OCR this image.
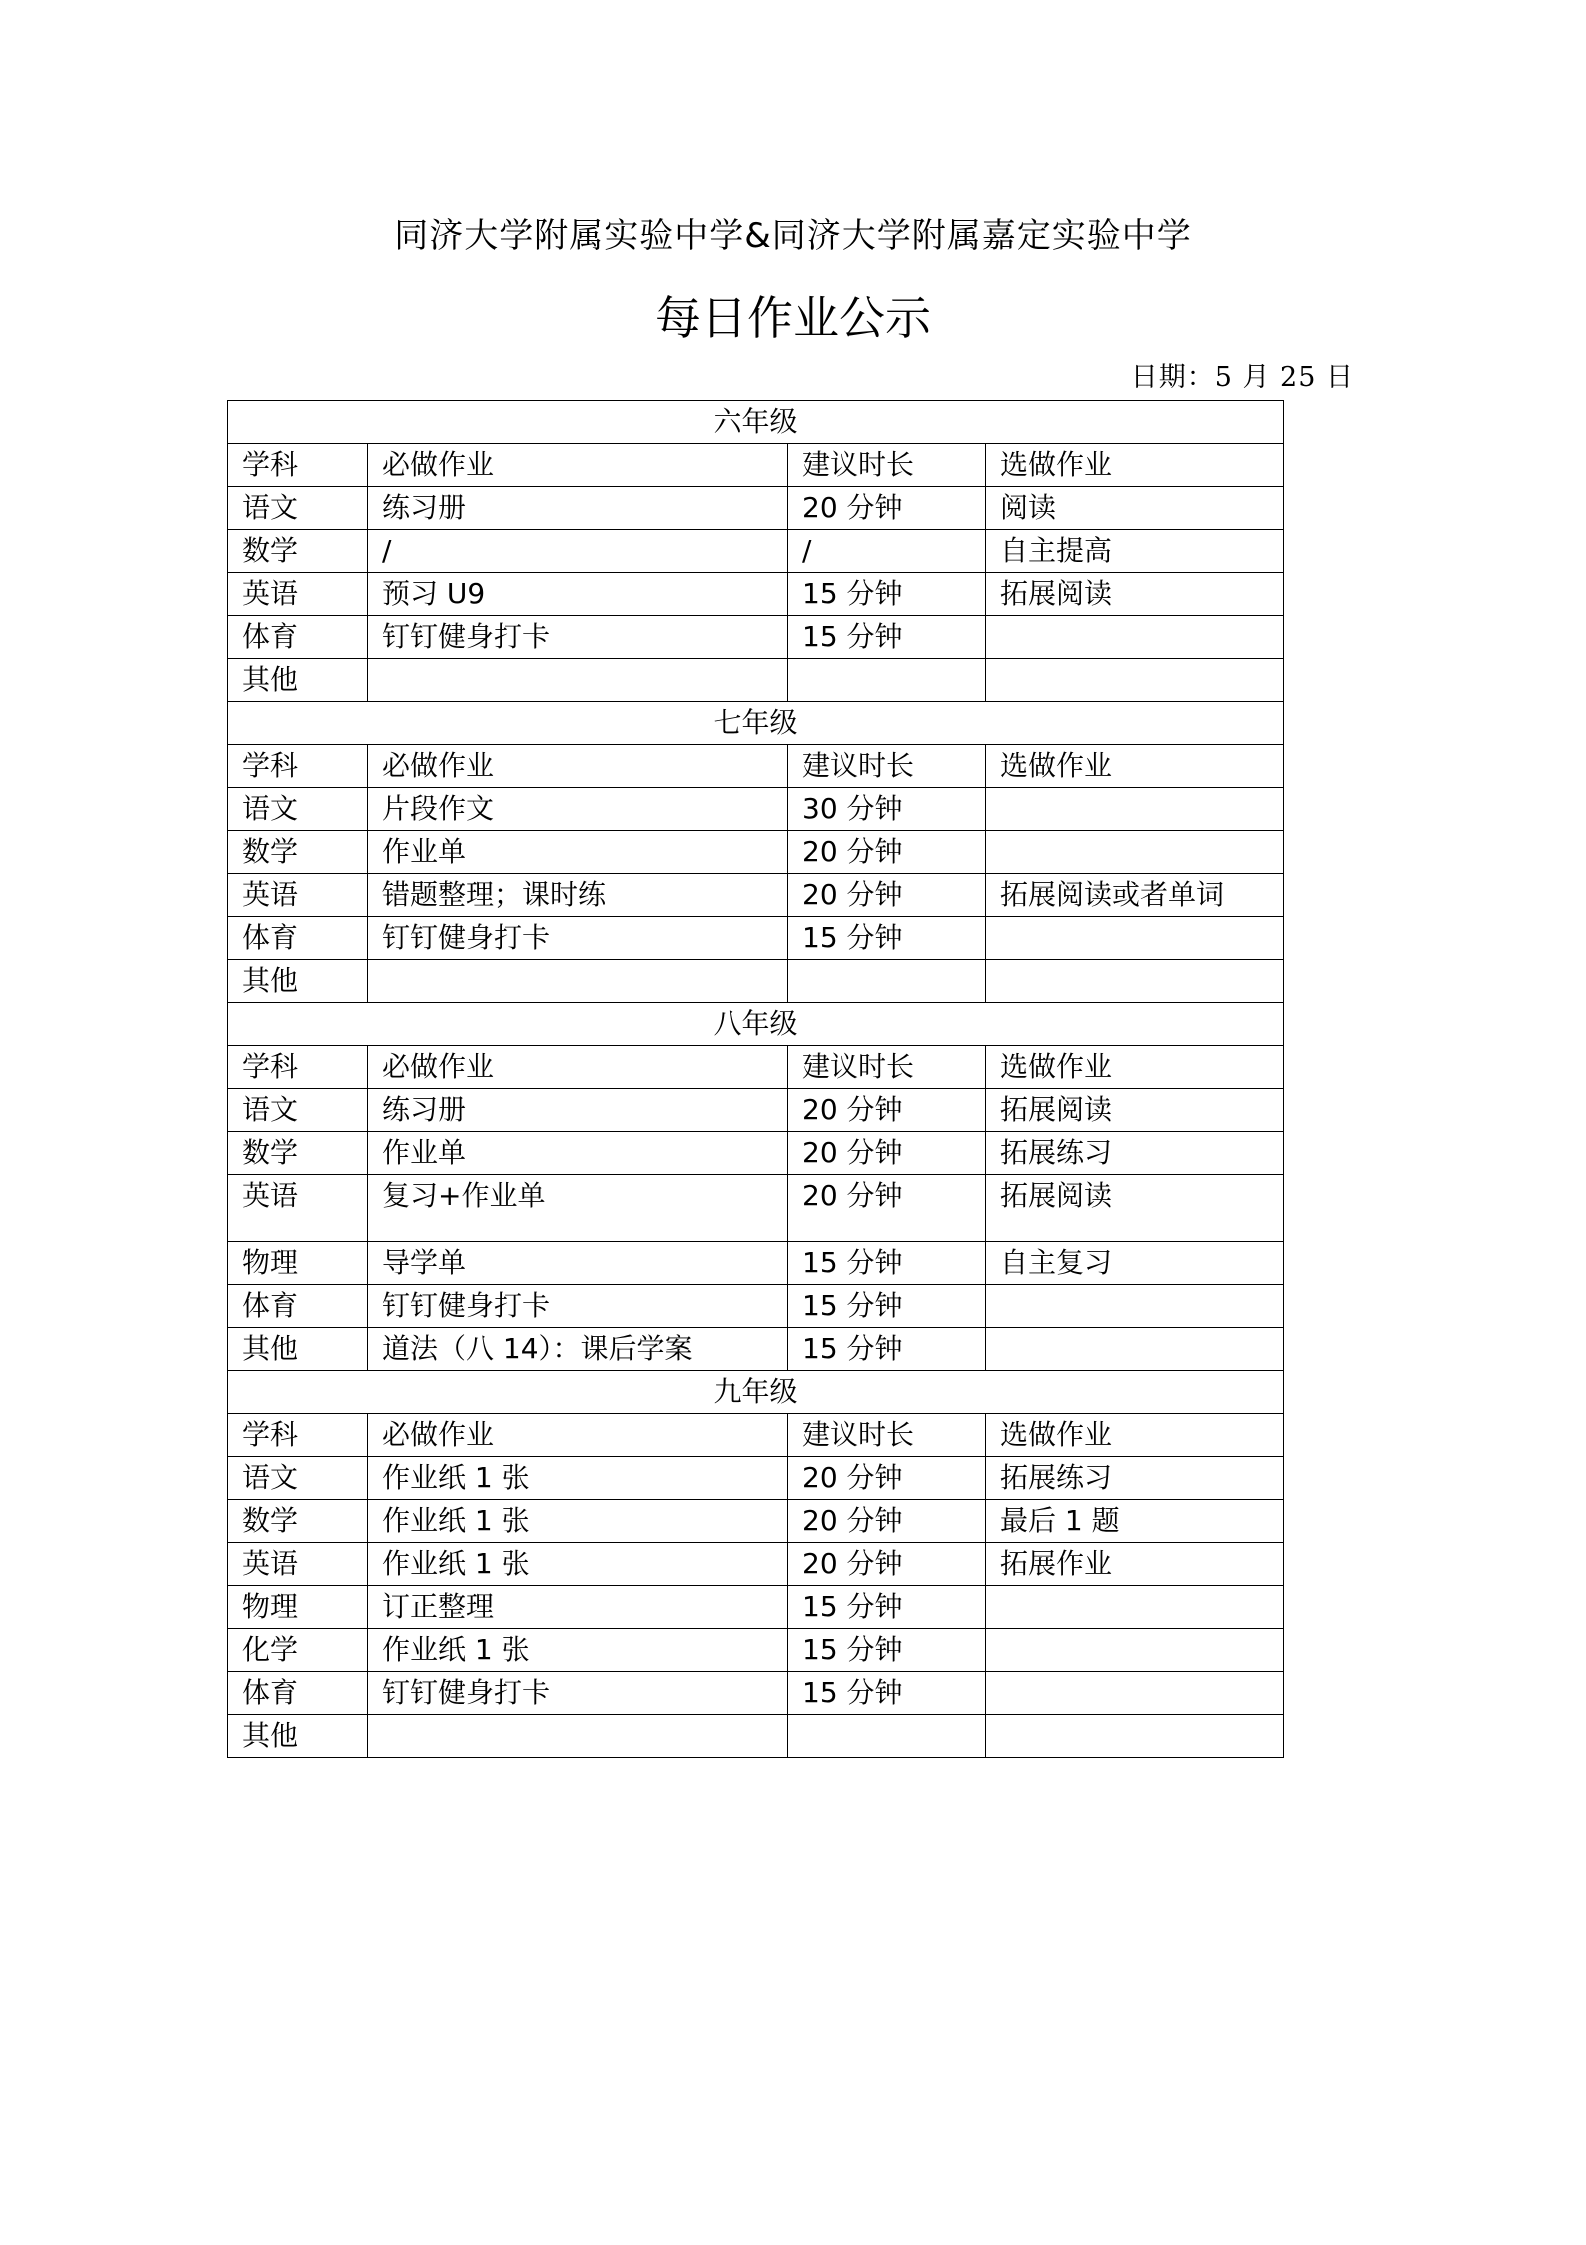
同济大学附属实验中学&同济大学附属嘉定实验中学
每日作业公示
日期：5 月 25 日
六年级			
学科	必做作业	建议时长	选做作业
语文	练习册	20 分钟	阅读
数学	/	/	自主提高
英语	预习 U9	15 分钟	拓展阅读
体育	钉钉健身打卡	15 分钟	
其他			
七年级			
学科	必做作业	建议时长	选做作业
语文	片段作文	30 分钟	
数学	作业单	20 分钟	
英语	错题整理；课时练	20 分钟	拓展阅读或者单词
体育	钉钉健身打卡	15 分钟	
其他			
八年级			
学科	必做作业	建议时长	选做作业
语文	练习册	20 分钟	拓展阅读
数学	作业单	20 分钟	拓展练习
英语	复习+作业单	20 分钟	拓展阅读
物理	导学单	15 分钟	自主复习
体育	钉钉健身打卡	15 分钟	
其他	道法（八 14）：课后学案	15 分钟	
九年级			
学科	必做作业	建议时长	选做作业
语文	作业纸 1 张	20 分钟	拓展练习
数学	作业纸 1 张	20 分钟	最后 1 题
英语	作业纸 1 张	20 分钟	拓展作业
物理	订正整理	15 分钟	
化学	作业纸 1 张	15 分钟	
体育	钉钉健身打卡	15 分钟	
其他			
